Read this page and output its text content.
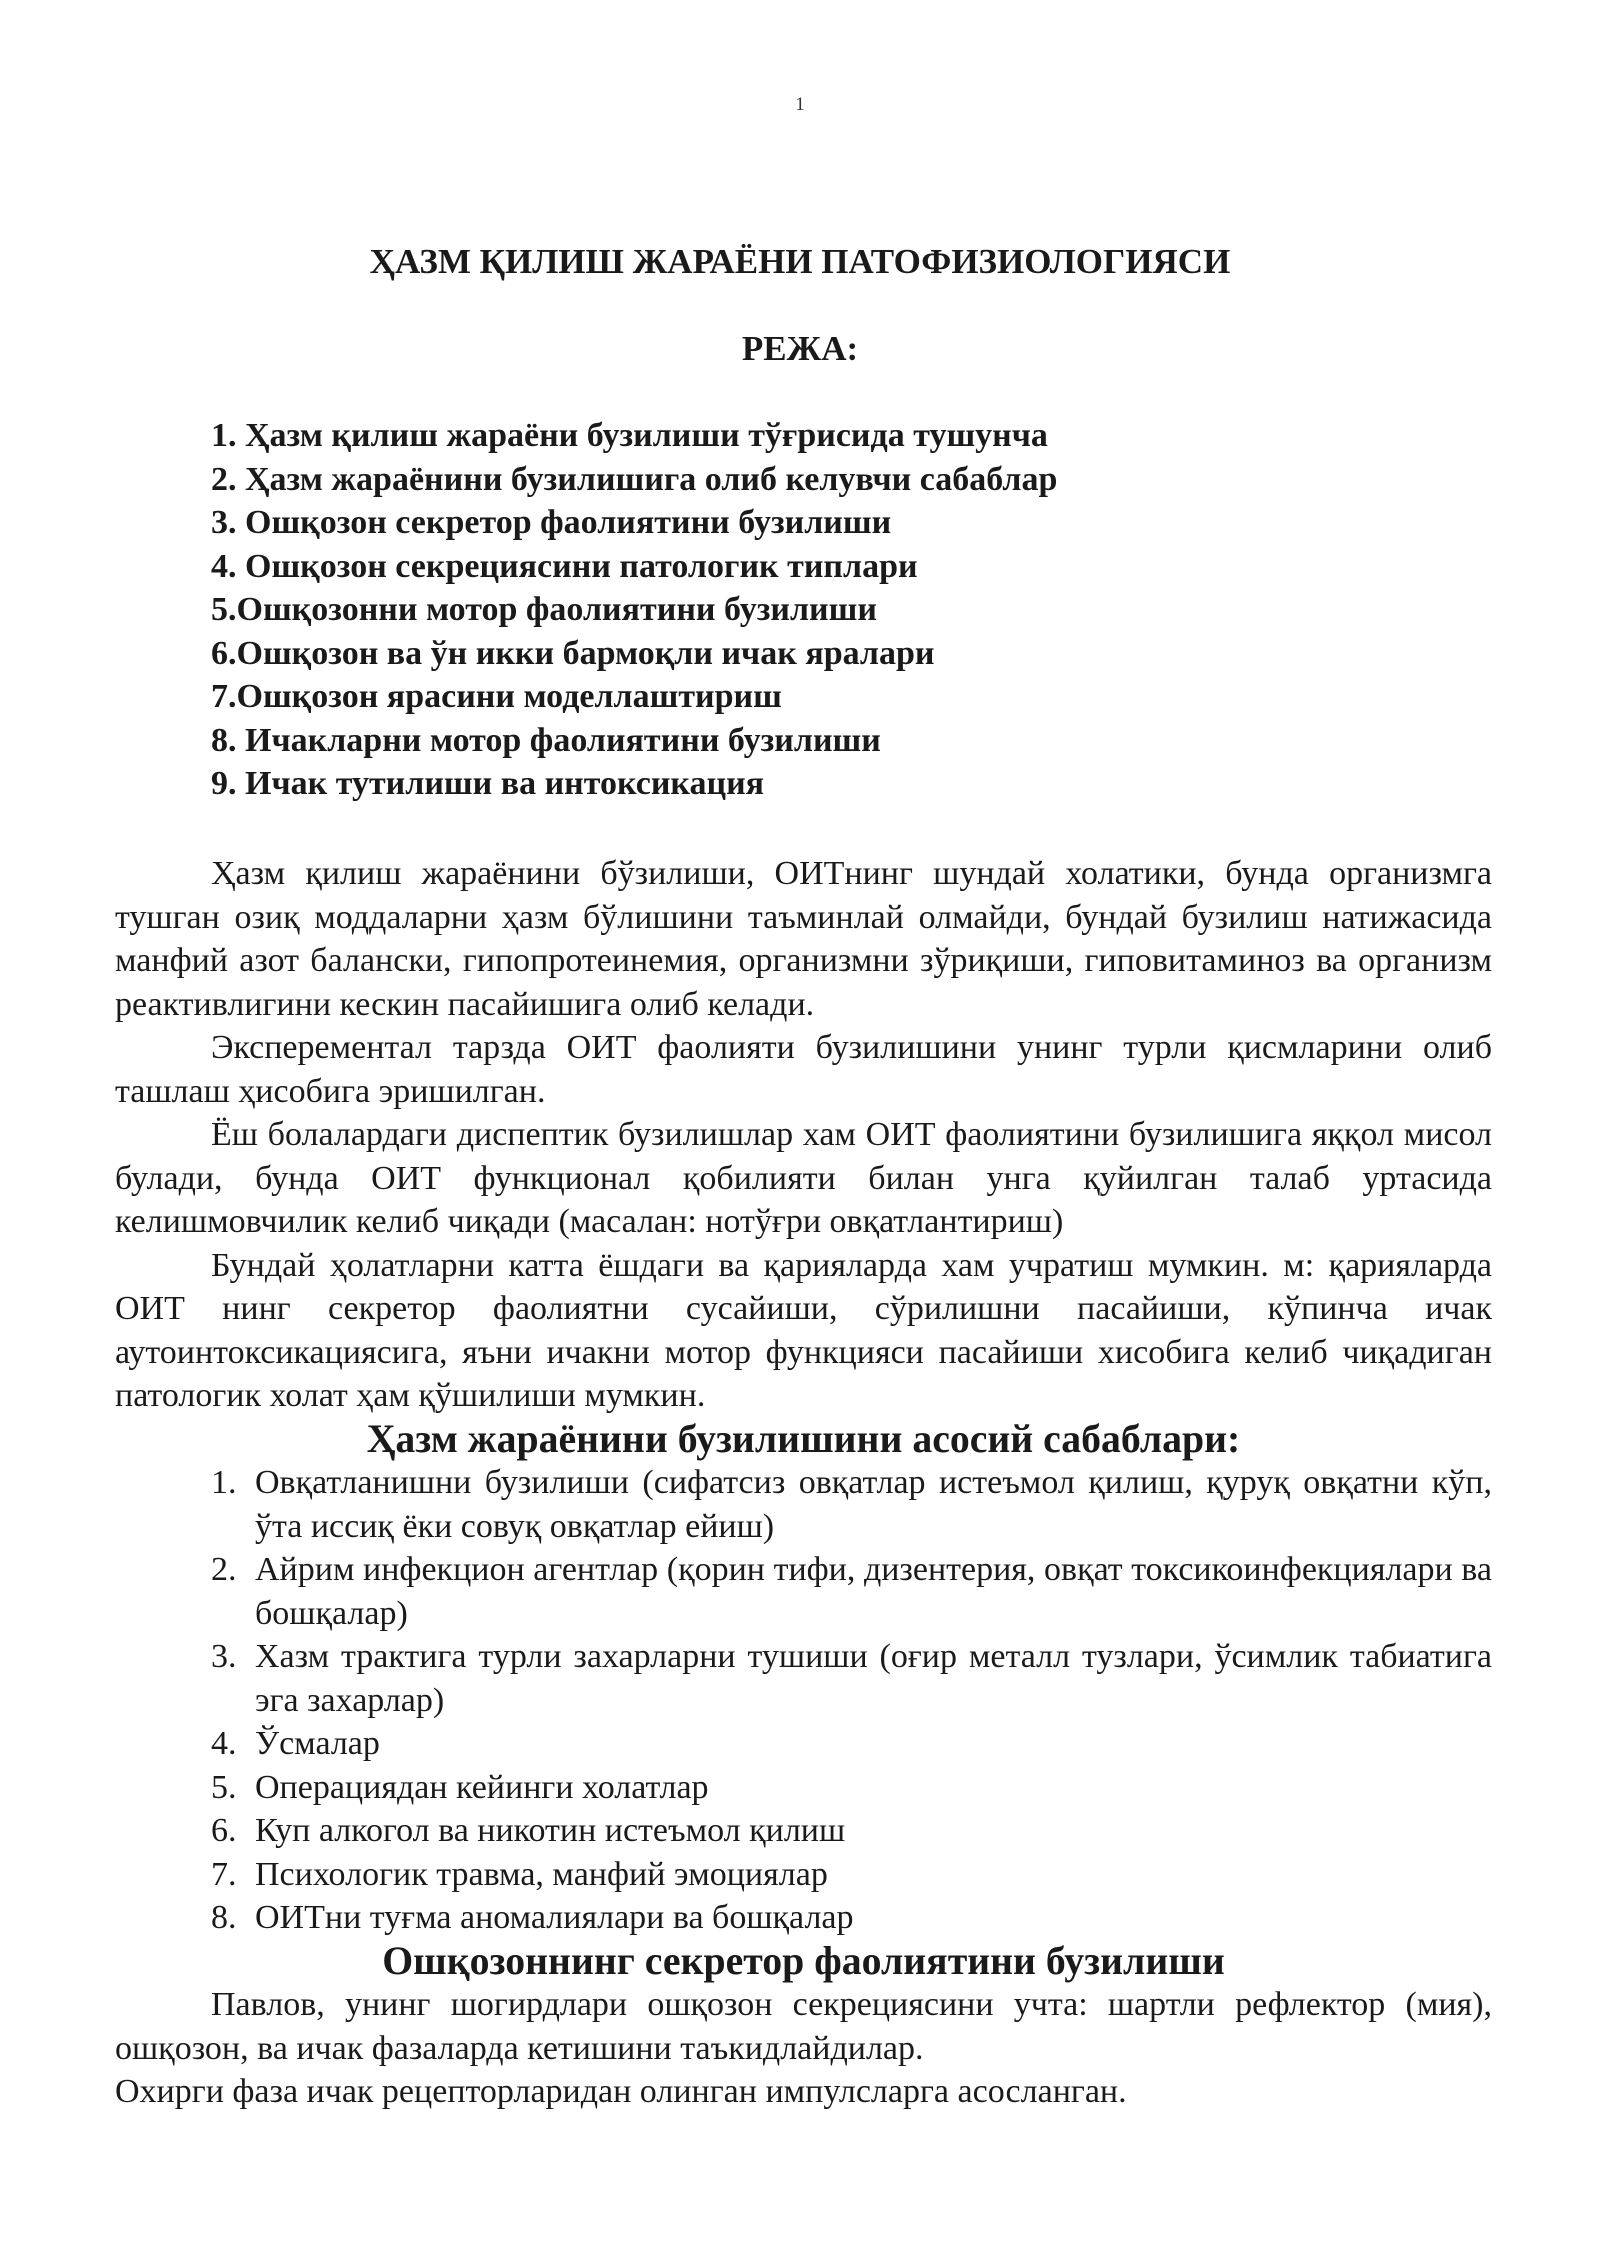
1
ҲАЗМ ҚИЛИШ ЖАРАЁНИ ПАТОФИЗИОЛОГИЯСИ
РЕЖА:
1. Ҳазм қилиш жараёни бузилиши тўғрисида тушунча
2. Ҳазм жараёнини бузилишига олиб келувчи сабаблар
3. Ошқозон секретор фаолиятини бузилиши
4. Ошқозон секрециясини патологик типлари
5.Ошқозонни мотор фаолиятини бузилиши
6.Ошқозон ва ўн икки бармоқли ичак яралари
7.Ошқозон ярасини моделлаштириш
8. Ичакларни мотор фаолиятини бузилиши
9. Ичак тутилиши ва интоксикация

Ҳазм қилиш жараёнини бўзилиши, ОИТнинг шундай холатики, бунда организмга тушган озиқ моддаларни ҳазм бўлишини таъминлай олмайди, бундай бузилиш натижасида манфий азот балански, гипопротеинемия, организмни зўриқиши, гиповитаминоз ва организм реактивлигини кескин пасайишига олиб келади.

Эксперементал тарзда ОИТ фаолияти бузилишини унинг турли қисмларини олиб ташлаш ҳисобига эришилган.

Ёш болалардаги диспептик бузилишлар хам ОИТ фаолиятини бузилишига яққол мисол булади, бунда ОИТ функционал қобилияти билан унга қуйилган талаб уртасида келишмовчилик келиб чиқади (масалан: нотўғри овқатлантириш)

Бундай ҳолатларни катта ёшдаги ва қарияларда хам учратиш мумкин. м: қарияларда ОИТ нинг секретор фаолиятни сусайиши, сўрилишни пасайиши, кўпинча ичак аутоинтоксикациясига, яъни ичакни мотор функцияси пасайиши хисобига келиб чиқадиган патологик холат ҳам қўшилиши мумкин.

Ҳазм жараёнини бузилишини асосий сабаблари:
1. Овқатланишни бузилиши (сифатсиз овқатлар истеъмол қилиш, қуруқ овқатни кўп, ўта иссиқ ёки совуқ овқатлар ейиш)
2. Айрим инфекцион агентлар (қорин тифи, дизентерия, овқат токсикоинфекциялари ва бошқалар)
3. Хазм трактига турли захарларни тушиши (оғир металл тузлари, ўсимлик табиатига эга захарлар)
4. Ўсмалар
5. Операциядан кейинги холатлар
6. Куп алкогол ва никотин истеъмол қилиш
7. Психологик травма, манфий эмоциялар
8. ОИТни туғма аномалиялари ва бошқалар
Ошқозоннинг секретор фаолиятини бузилиши

Павлов, унинг шогирдлари ошқозон секрециясини учта: шартли рефлектор (мия), ошқозон, ва ичак фазаларда кетишини таъкидлайдилар.

Охирги фаза ичак рецепторларидан олинган импулсларга асосланган.
